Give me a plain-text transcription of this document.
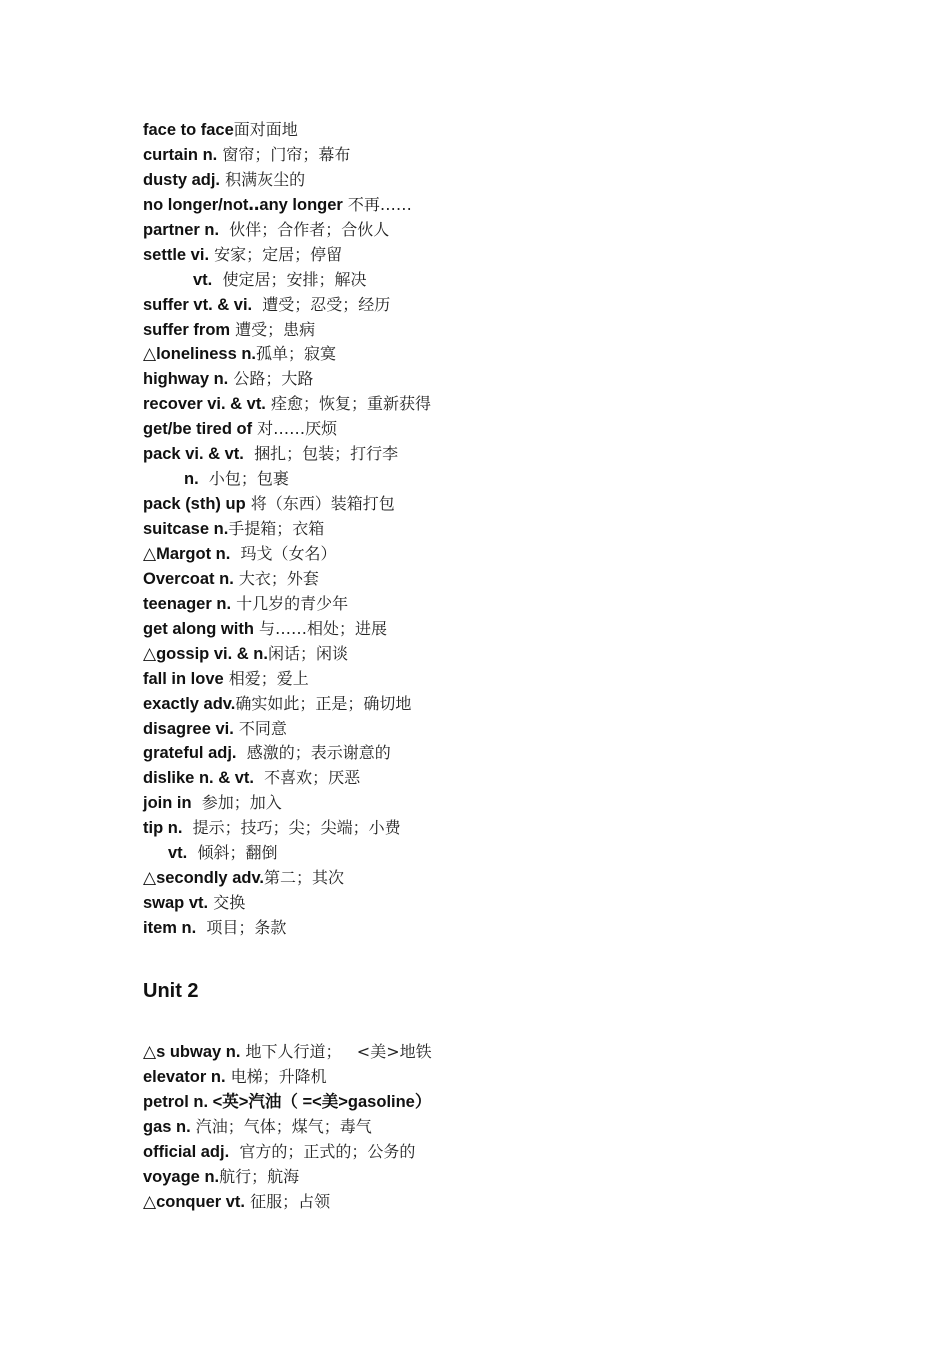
face to face面对面地
curtain n. 窗帘；门帘；幕布
dusty adj. 积满灰尘的
no longer/not‥any longer 不再……
partner n.  伙伴；合作者；合伙人
settle vi. 安家；定居；停留
vt.  使定居；安排；解决
suffer vt. & vi.  遭受；忍受；经历
suffer from 遭受；患病
△loneliness n.孤单；寂寞
highway n. 公路；大路
recover vi. & vt. 痊愈；恢复；重新获得
get/be tired of 对……厌烦
pack vi. & vt.  捆扎；包装；打行李
n.  小包；包裹
pack (sth) up 将（东西）装箱打包
suitcase n.手提箱；衣箱
△Margot n.  玛戈（女名）
Overcoat n. 大衣；外套
teenager n. 十几岁的青少年
get along with 与……相处；进展
△gossip vi. & n.闲话；闲谈
fall in love 相爱；爱上
exactly adv.确实如此；正是；确切地
disagree vi. 不同意
grateful adj.  感激的；表示谢意的
dislike n. & vt.  不喜欢；厌恶
join in  参加；加入
tip n.  提示；技巧；尖；尖端；小费
vt.  倾斜；翻倒
△secondly adv.第二；其次
swap vt. 交换
item n.  项目；条款
Unit 2
△s ubway n. 地下人行道；   <美>地铁
elevator n. 电梯；升降机
petrol n. <英>汽油（ =<美>gasoline）
gas n. 汽油；气体；煤气；毒气
official adj.  官方的；正式的；公务的
voyage n.航行；航海
△conquer vt. 征服；占领
